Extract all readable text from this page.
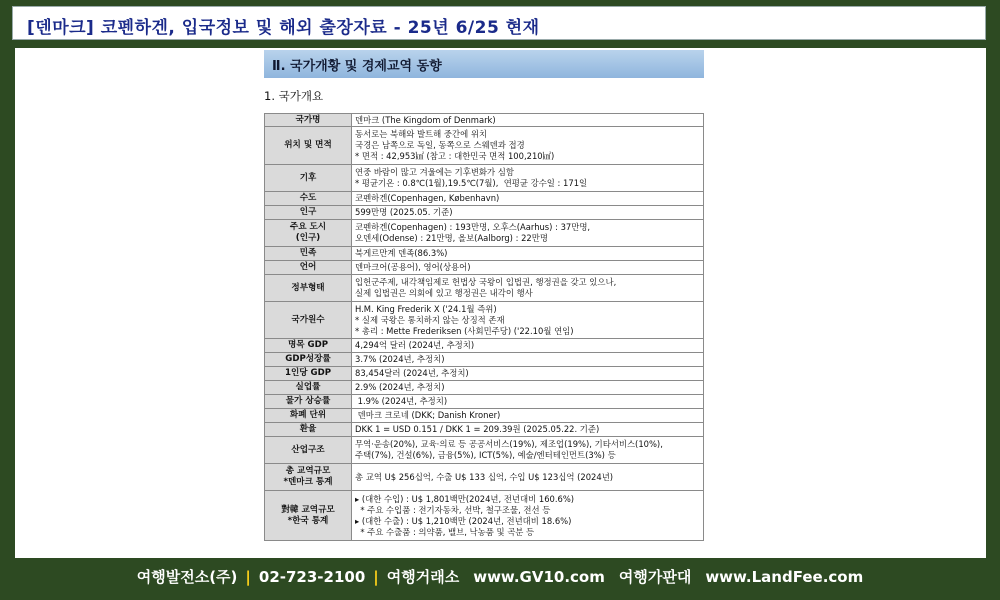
[덴마크] 코펜하겐, 입국정보 및 해외 출장자료 - 25년 6/25 현재
Ⅱ. 국가개황 및 경제교역 동향
1. 국가개요
국가명	덴마크 (The Kingdom of Denmark)

위치 및 면적	동서로는 북해와 발트해 중간에 위치
국경은 남쪽으로 독일, 동쪽으로 스웨덴과 접경
* 면적 : 42,953㎢ (참고 : 대한민국 면적 100,210㎢)

기후	연중 바람이 많고 겨울에는 기후변화가 심함
* 평균기온 : 0.8℃(1월),19.5℃(7월),  연평균 강수일 : 171일

수도	코펜하겐(Copenhagen, København)

인구	599만명 (2025.05. 기준)

주요 도시
(인구)	코펜하겐(Copenhagen) : 193만명, 오후스(Aarhus) : 37만명,
오덴세(Odense) : 21만명, 올보(Aalborg) : 22만명

민족	북게르만계 덴족(86.3%)

언어	덴마크어(공용어), 영어(상용어)

정부형태	입헌군주제, 내각책임제로 헌법상 국왕이 입법권, 행정권을 갖고 있으나,
실제 입법권은 의회에 있고 행정권은 내각이 행사

국가원수	H.M. King Frederik X ('24.1월 즉위)
* 실제 국왕은 통치하지 않는 상징적 존재
* 총리 : Mette Frederiksen (사회민주당) ('22.10월 연임)

명목 GDP	4,294억 달러 (2024년, 추정치)

GDP성장률	3.7% (2024년, 추정치)

1인당 GDP	83,454달러 (2024년, 추정치)

실업률	2.9% (2024년, 추정치)

물가 상승률	1.9% (2024년, 추정치)

화폐 단위	덴마크 크로네 (DKK; Danish Kroner)

환율	DKK 1 = USD 0.151 / DKK 1 = 209.39원 (2025.05.22. 기준)

산업구조	무역·운송(20%), 교육·의료 등 공공서비스(19%), 제조업(19%), 기타서비스(10%),
주택(7%), 건설(6%), 금융(5%), ICT(5%), 예술/엔터테인먼트(3%) 등

총 교역규모
*덴마크 통계	총 교역 U$ 256십억, 수출 U$ 133 십억, 수입 U$ 123십억 (2024년)

對韓 교역규모
*한국 통계	▸ (대한 수입) : U$ 1,801백만(2024년, 전년대비 160.6%)
* 주요 수입품 : 전기자동차, 선박, 철구조물, 전선 등
▸ (대한 수출) : U$ 1,210백만 (2024년, 전년대비 18.6%)
* 주요 수출품 : 의약품, 밸브, 낙농품 및 곡분 등
여행발전소(주) | 02-723-2100 | 여행거래소 www.GV10.com 여행가판대 www.LandFee.com
